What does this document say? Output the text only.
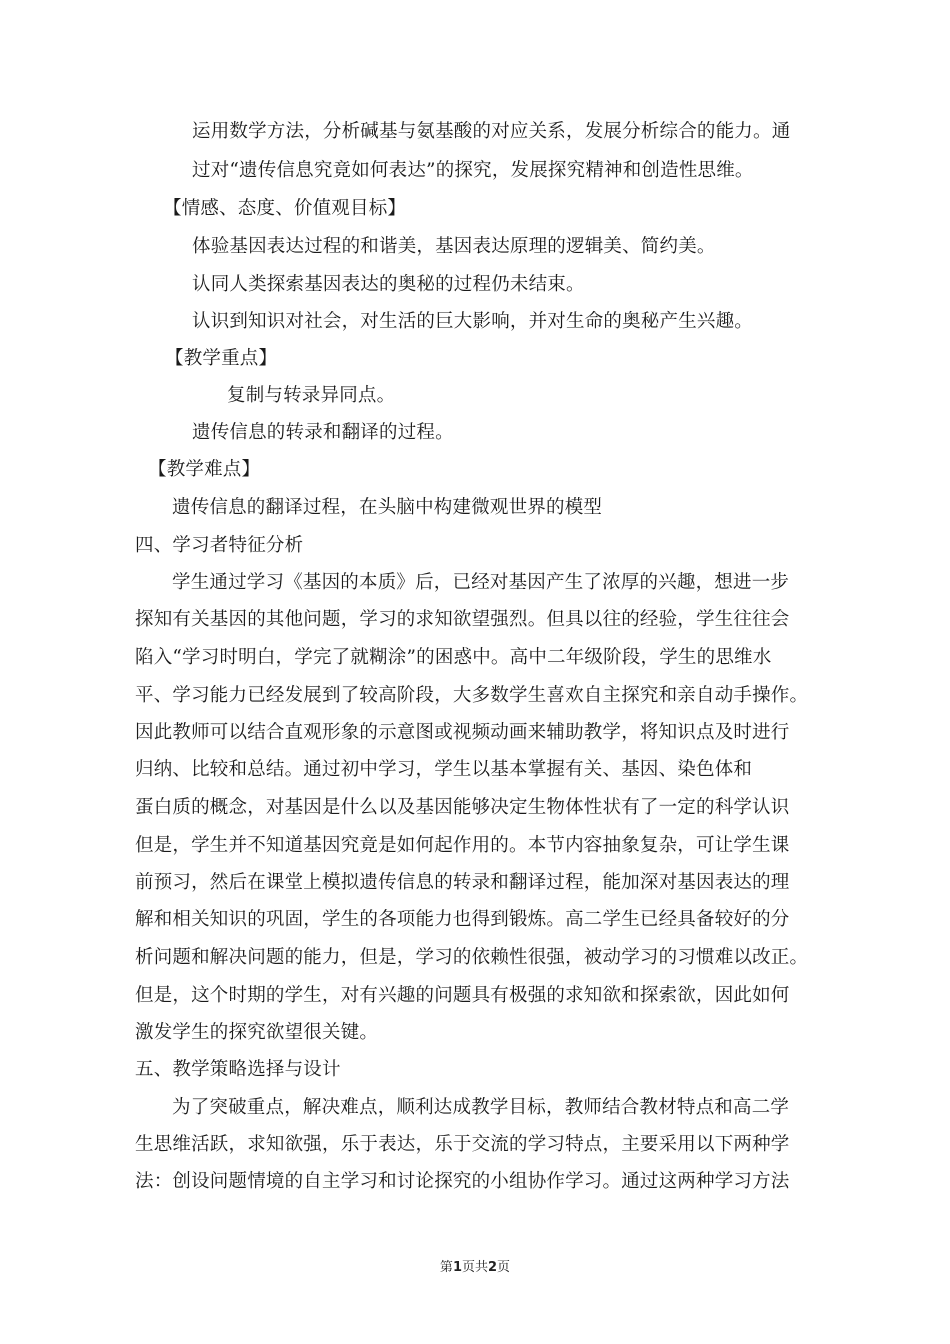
运用数学方法，分析碱基与氨基酸的对应关系，发展分析综合的能力。通
过对“遗传信息究竟如何表达”的探究，发展探究精神和创造性思维。
【情感、态度、价值观目标】
体验基因表达过程的和谐美，基因表达原理的逻辑美、简约美。
认同人类探索基因表达的奥秘的过程仍未结束。
认识到知识对社会，对生活的巨大影响，并对生命的奥秘产生兴趣。
【教学重点】
复制与转录异同点。
遗传信息的转录和翻译的过程。
【教学难点】
遗传信息的翻译过程，在头脑中构建微观世界的模型
四、学习者特征分析
学生通过学习《基因的本质》后，已经对基因产生了浓厚的兴趣，想进一步
探知有关基因的其他问题，学习的求知欲望强烈。但具以往的经验，学生往往会
陷入“学习时明白，学完了就糊涂”的困惑中。高中二年级阶段，学生的思维水
平、学习能力已经发展到了较高阶段，大多数学生喜欢自主探究和亲自动手操作。
因此教师可以结合直观形象的示意图或视频动画来辅助教学，将知识点及时进行
归纳、比较和总结。通过初中学习，学生以基本掌握有关、基因、染色体和
蛋白质的概念，对基因是什么以及基因能够决定生物体性状有了一定的科学认识
但是，学生并不知道基因究竟是如何起作用的。本节内容抽象复杂，可让学生课
前预习，然后在课堂上模拟遗传信息的转录和翻译过程，能加深对基因表达的理
解和相关知识的巩固，学生的各项能力也得到锻炼。高二学生已经具备较好的分
析问题和解决问题的能力，但是，学习的依赖性很强，被动学习的习惯难以改正。
但是，这个时期的学生，对有兴趣的问题具有极强的求知欲和探索欲，因此如何
激发学生的探究欲望很关键。
五、教学策略选择与设计
为了突破重点，解决难点，顺利达成教学目标，教师结合教材特点和高二学
生思维活跃，求知欲强，乐于表达，乐于交流的学习特点，主要采用以下两种学
法：创设问题情境的自主学习和讨论探究的小组协作学习。通过这两种学习方法
第1页共2页
